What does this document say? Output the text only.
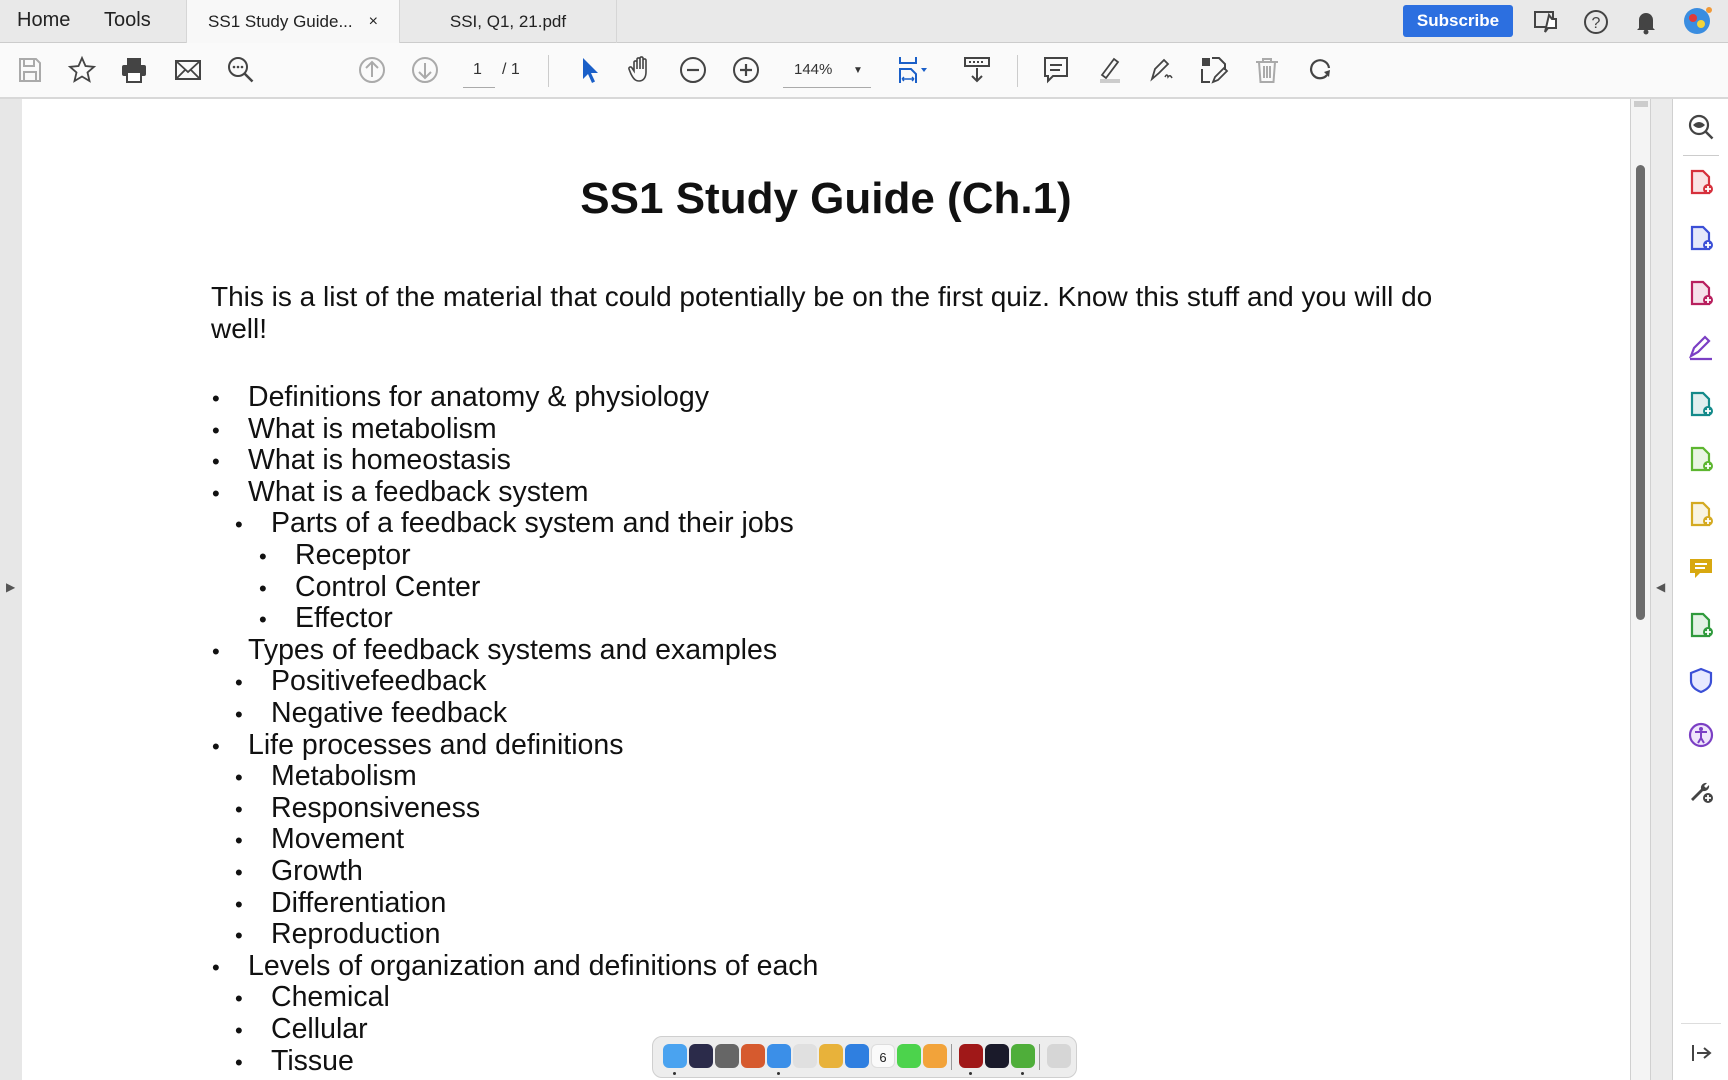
Home Tools	SS1 Study Guide... ×	SSI, Q1, 21.pdf	Subscribe	?
1 / 1	144% ▼
▶
SS1 Study Guide (Ch.1)
This is a list of the material that could potentially be on the first quiz. Know this stuff and you will do well!
• Definitions for anatomy & physiology
• What is metabolism
• What is homeostasis
• What is a feedback system
• Parts of a feedback system and their jobs
• Receptor
• Control Center
• Effector
• Types of feedback systems and examples
• Positivefeedback
• Negative feedback
• Life processes and definitions
• Metabolism
• Responsiveness
• Movement
• Growth
• Differentiation
• Reproduction
• Levels of organization and definitions of each
• Chemical
• Cellular
• Tissue
◀
6
